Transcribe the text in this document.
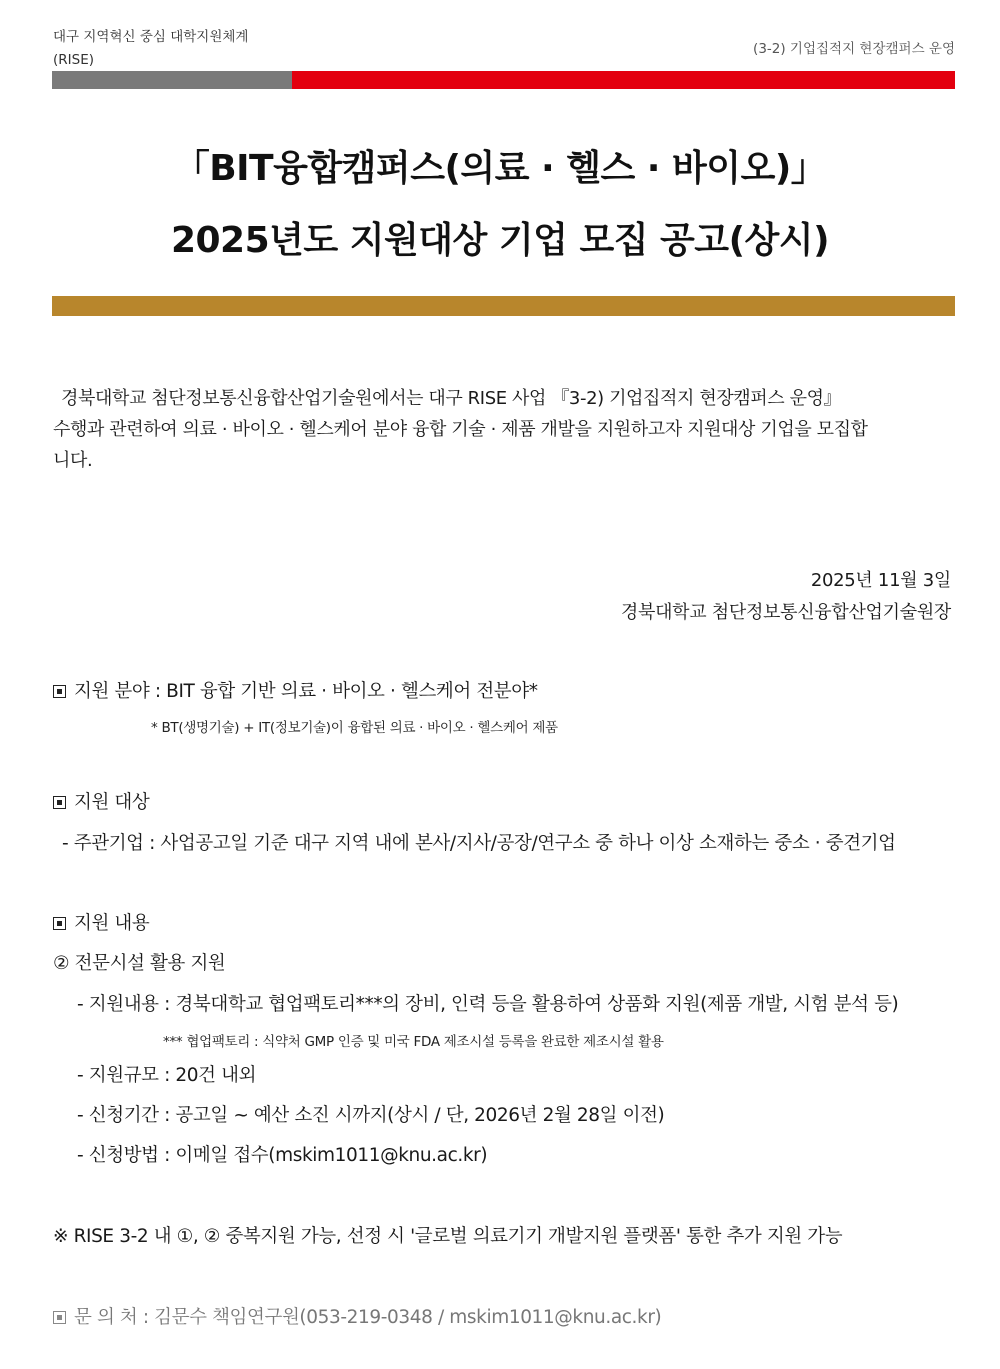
대구 지역혁신 중심 대학지원체계
(RISE)
(3-2) 기업집적지 현장캠퍼스 운영
「BIT융합캠퍼스(의료 · 헬스 · 바이오)」
2025년도 지원대상 기업 모집 공고(상시)

경북대학교 첨단정보통신융합산업기술원에서는 대구 RISE 사업 『3-2) 기업집적지 현장캠퍼스 운영』

수행과 관련하여 의료 · 바이오 · 헬스케어 분야 융합 기술 · 제품 개발을 지원하고자 지원대상 기업을 모집합

니다.

2025년 11월 3일
경북대학교 첨단정보통신융합산업기술원장
지원 분야 : BIT 융합 기반 의료 · 바이오 · 헬스케어 전분야*
* BT(생명기술) + IT(정보기술)이 융합된 의료 · 바이오 · 헬스케어 제품
지원 대상
- 주관기업 : 사업공고일 기준 대구 지역 내에 본사/지사/공장/연구소 중 하나 이상 소재하는 중소 · 중견기업
지원 내용
② 전문시설 활용 지원
- 지원내용 : 경북대학교 협업팩토리***의 장비, 인력 등을 활용하여 상품화 지원(제품 개발, 시험 분석 등)
*** 협업팩토리 : 식약처 GMP 인증 및 미국 FDA 제조시설 등록을 완료한 제조시설 활용
- 지원규모 : 20건 내외
- 신청기간 : 공고일 ~ 예산 소진 시까지(상시 / 단, 2026년 2월 28일 이전)
- 신청방법 : 이메일 접수(mskim1011@knu.ac.kr)
※ RISE 3-2 내 ①, ② 중복지원 가능, 선정 시 '글로벌 의료기기 개발지원 플랫폼' 통한 추가 지원 가능
문 의 처 : 김문수 책임연구원(053-219-0348 / mskim1011@knu.ac.kr)
